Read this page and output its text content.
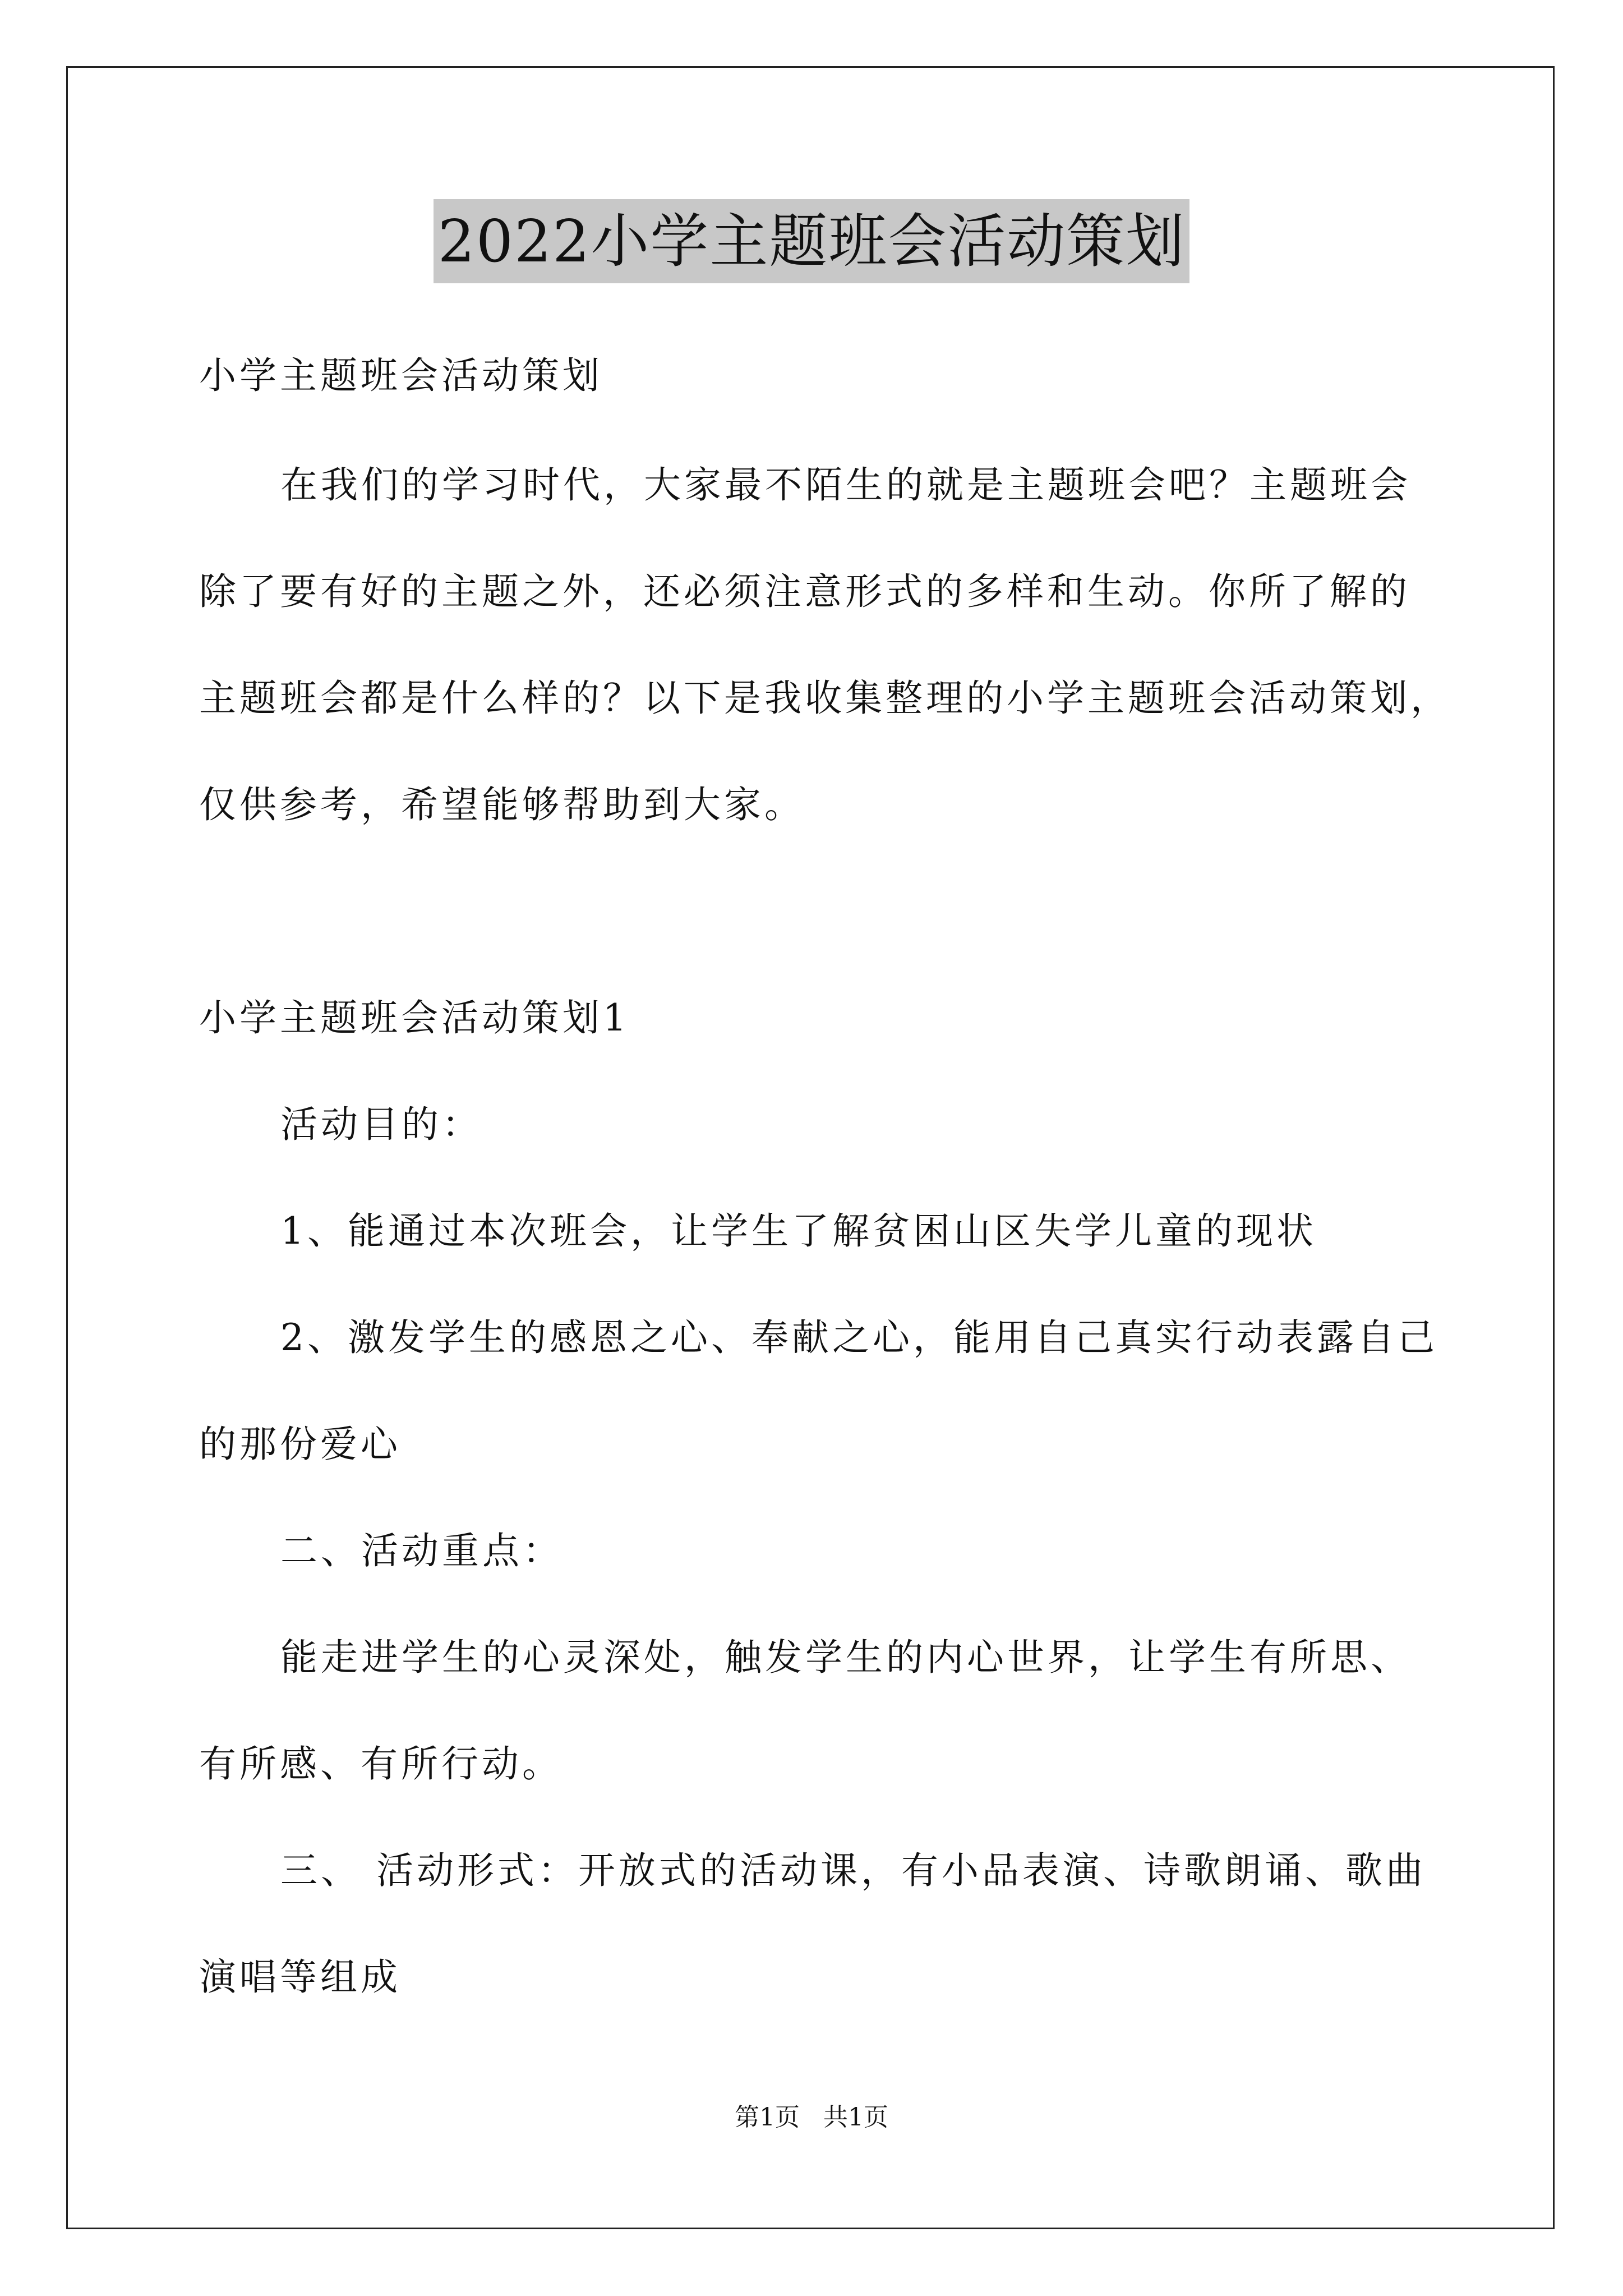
2022小学主题班会活动策划
小学主题班会活动策划
在我们的学习时代，大家最不陌生的就是主题班会吧？主题班会
除了要有好的主题之外，还必须注意形式的多样和生动。你所了解的
主题班会都是什么样的？以下是我收集整理的小学主题班会活动策划，
仅供参考，希望能够帮助到大家。
小学主题班会活动策划1
活动目的：
1、能通过本次班会，让学生了解贫困山区失学儿童的现状
2、激发学生的感恩之心、奉献之心，能用自己真实行动表露自己
的那份爱心
二、活动重点：
能走进学生的心灵深处，触发学生的内心世界，让学生有所思、
有所感、有所行动。
三、 活动形式：开放式的活动课，有小品表演、诗歌朗诵、歌曲
演唱等组成
第1页 共1页
